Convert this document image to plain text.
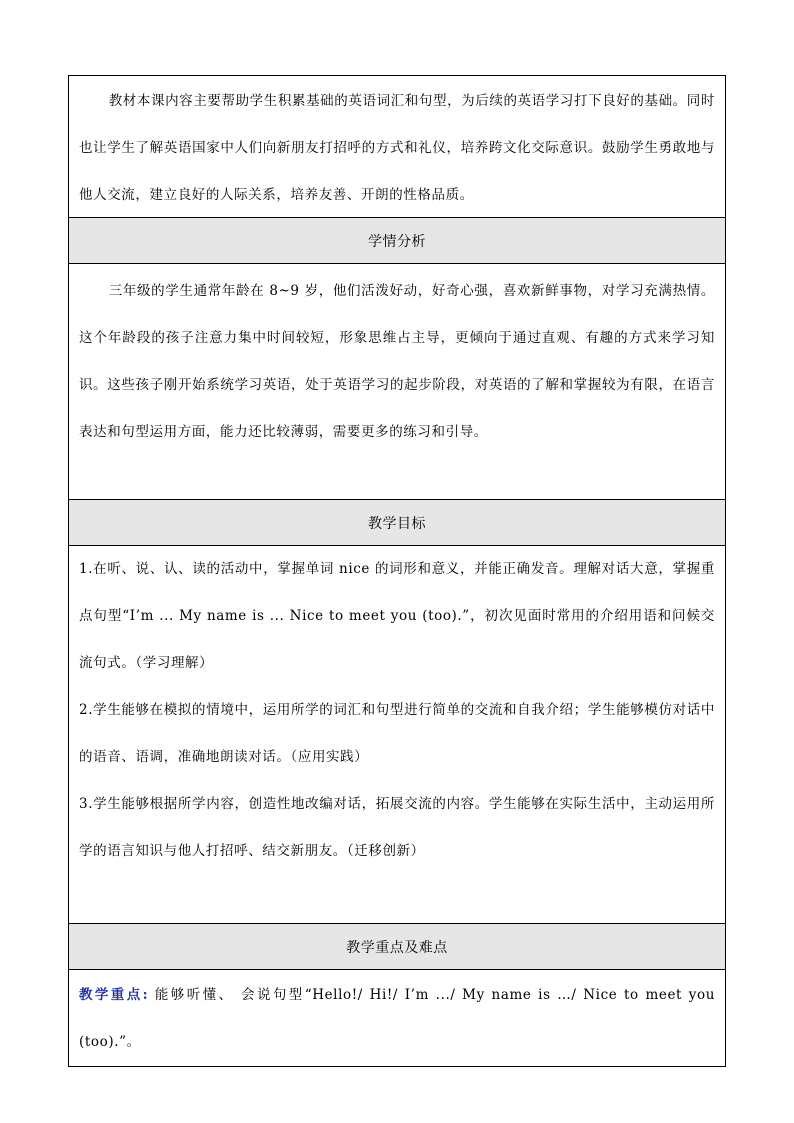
教材本课内容主要帮助学生积累基础的英语词汇和句型，为后续的英语学习打下良好的基础。同时也让学生了解英语国家中人们向新朋友打招呼的方式和礼仪，培养跨文化交际意识。鼓励学生勇敢地与他人交流，建立良好的人际关系，培养友善、开朗的性格品质。

学情分析

三年级的学生通常年龄在 8~9 岁，他们活泼好动，好奇心强，喜欢新鲜事物，对学习充满热情。这个年龄段的孩子注意力集中时间较短，形象思维占主导，更倾向于通过直观、有趣的方式来学习知识。这些孩子刚开始系统学习英语，处于英语学习的起步阶段，对英语的了解和掌握较为有限，在语言表达和句型运用方面，能力还比较薄弱，需要更多的练习和引导。

教学目标

1.在听、说、认、读的活动中，掌握单词 nice 的词形和意义，并能正确发音。理解对话大意，掌握重点句型“I’m ... My name is ... Nice to meet you (too).”，初次见面时常用的介绍用语和问候交流句式。（学习理解）

2.学生能够在模拟的情境中，运用所学的词汇和句型进行简单的交流和自我介绍；学生能够模仿对话中的语音、语调，准确地朗读对话。（应用实践）

3.学生能够根据所学内容，创造性地改编对话，拓展交流的内容。学生能够在实际生活中，主动运用所学的语言知识与他人打招呼、结交新朋友。（迁移创新）

教学重点及难点

教学重点: 能够听懂、 会说句型“Hello!/ Hi!/ I’m .../ My name is …/ Nice to meet you (too).”。
